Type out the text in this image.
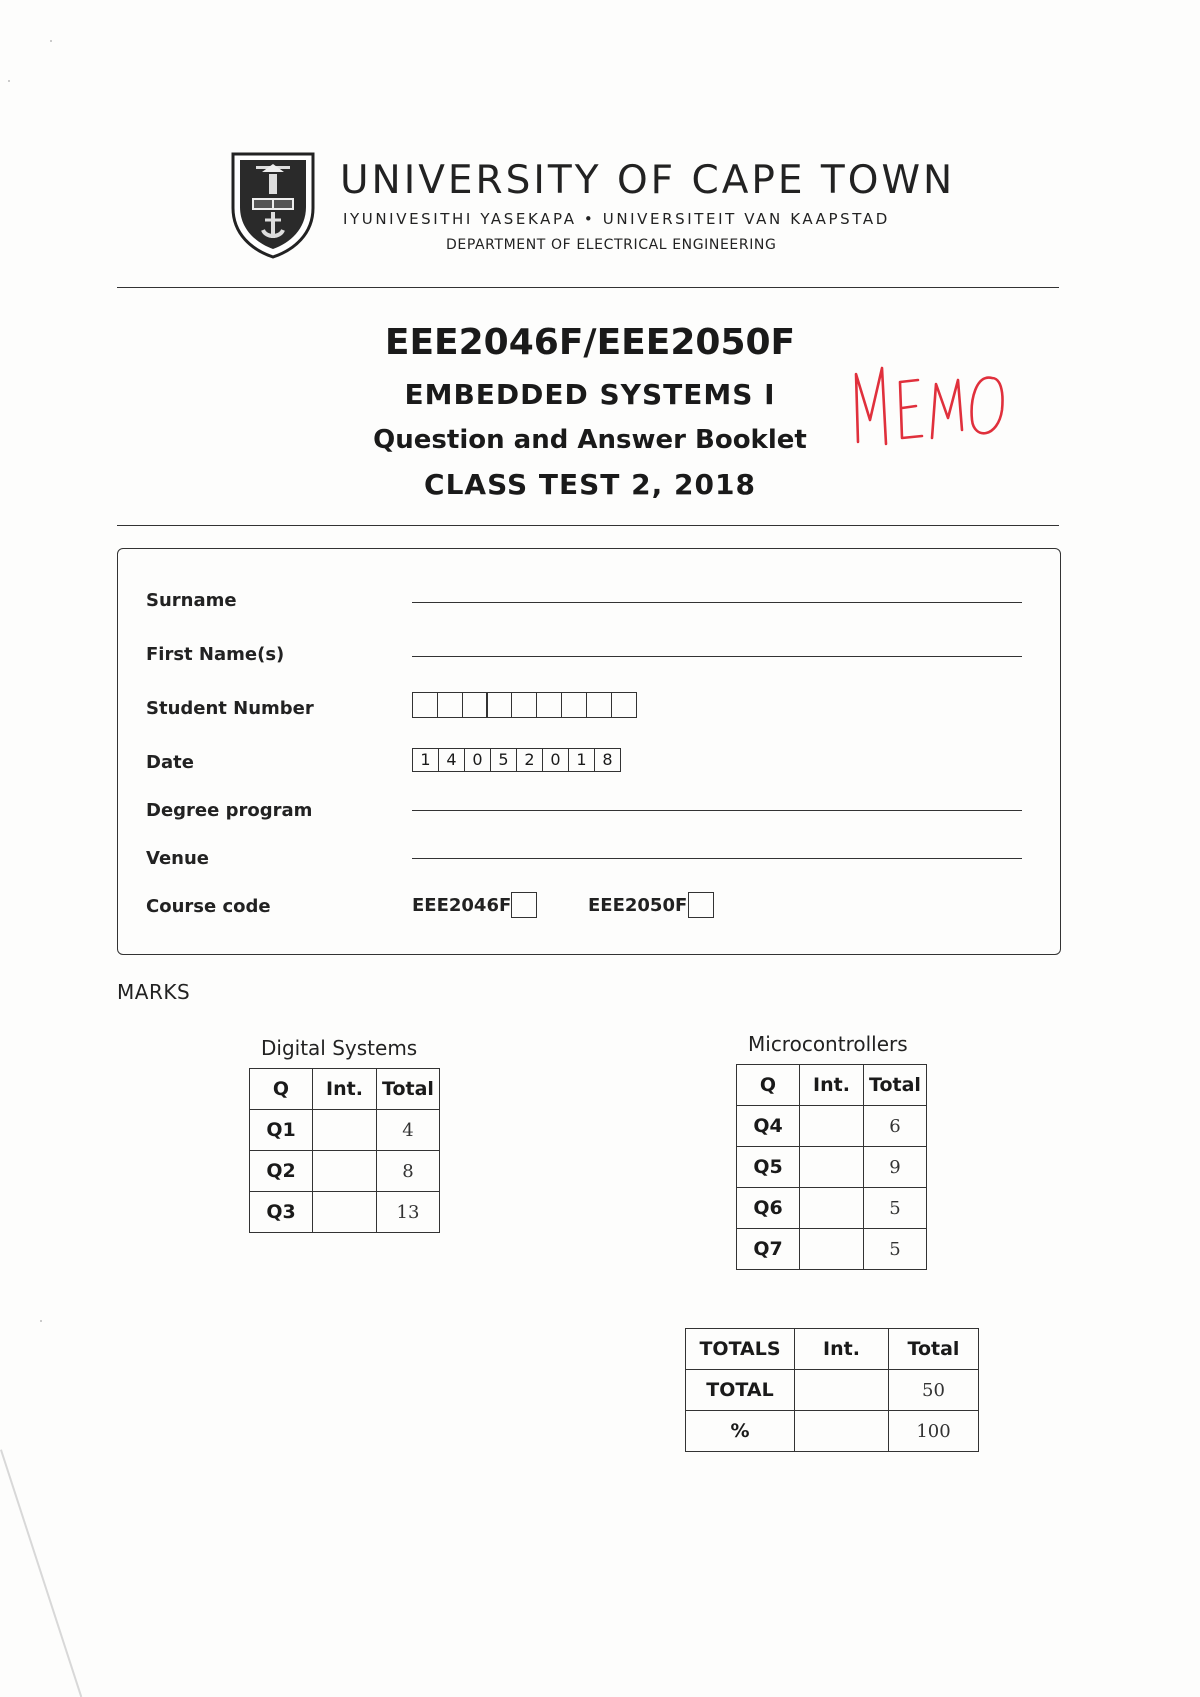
UNIVERSITY OF CAPE TOWN
IYUNIVESITHI YASEKAPA • UNIVERSITEIT VAN KAAPSTAD
DEPARTMENT OF ELECTRICAL ENGINEERING
EEE2046F/EEE2050F
EMBEDDED SYSTEMS I
Question and Answer Booklet
CLASS TEST 2, 2018
Surname
First Name(s)
Student Number
Date	1 4 0 5 2 0 1 8
Degree program
Venue
Course code	EEE2046F	EEE2050F
MARKS
Digital Systems
Q	Int.	Total
Q1		4
Q2		8
Q3		13
Microcontrollers
Q	Int.	Total
Q4		6
Q5		9
Q6		5
Q7		5
TOTALS	Int.	Total
TOTAL		50
%		100
